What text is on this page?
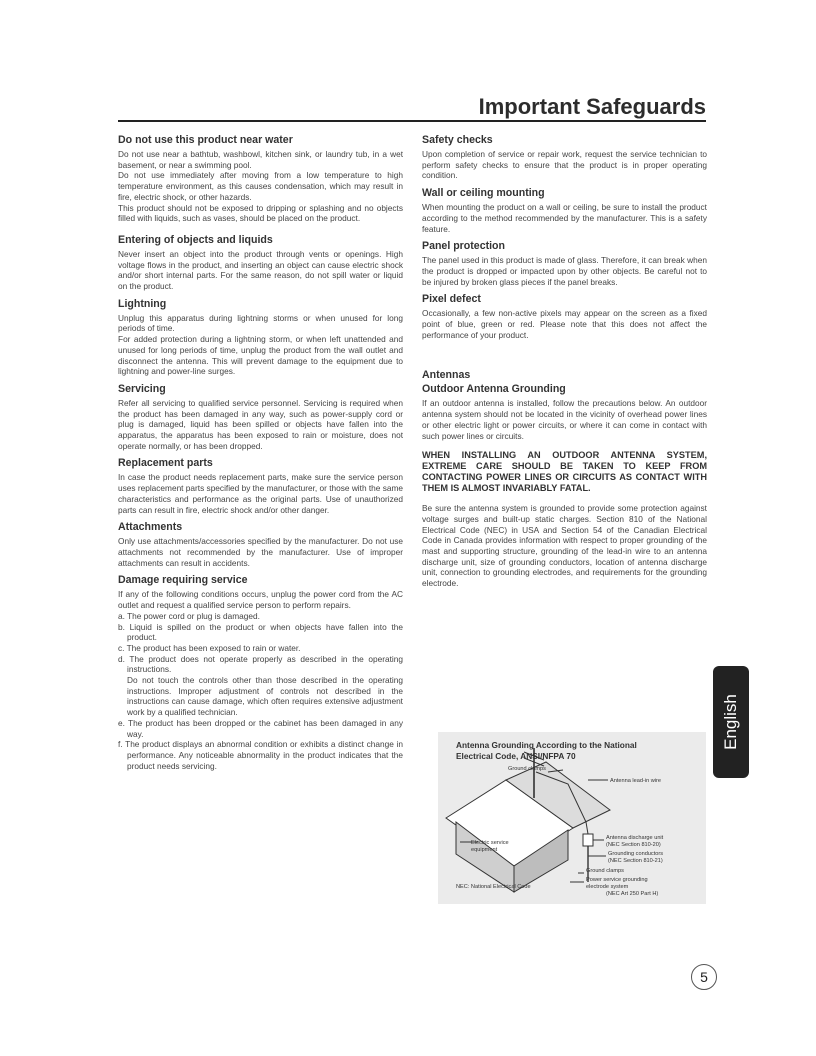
Important Safeguards
Do not use this product near water

Do not use near a bathtub, washbowl, kitchen sink, or laundry tub, in a wet basement, or near a swimming pool.

Do not use immediately after moving from a low temperature to high temperature environment, as this causes condensation, which may result in fire, electric shock, or other hazards.

This product should not be exposed to dripping or splashing and no objects filled with liquids, such as vases, should be placed on the product.

Entering of objects and liquids

Never insert an object into the product through vents or openings. High voltage flows in the product, and inserting an object can cause electric shock and/or short internal parts. For the same reason, do not spill water or liquid on the product.

Lightning

Unplug this apparatus during lightning storms or when unused for long periods of time.

For added protection during a lightning storm, or when left unattended and unused for long periods of time, unplug the product from the wall outlet and disconnect the antenna. This will prevent damage to the equipment due to lightning and power-line surges.

Servicing

Refer all servicing to qualified service personnel. Servicing is required when the product has been damaged in any way, such as power-supply cord or plug is damaged, liquid has been spilled or objects have fallen into the apparatus, the apparatus has been exposed to rain or moisture, does not operate normally, or has been dropped.

Replacement parts

In case the product needs replacement parts, make sure the service person uses replacement parts specified by the manufacturer, or those with the same characteristics and performance as the original parts. Use of unauthorized parts can result in fire, electric shock and/or other danger.

Attachments

Only use attachments/accessories specified by the manufacturer. Do not use attachments not recommended by the manufacturer. Use of improper attachments can result in accidents.

Damage requiring service

If any of the following conditions occurs, unplug the power cord from the AC outlet and request a qualified service person to perform repairs.

a. The power cord or plug is damaged.
b. Liquid is spilled on the product or when objects have fallen into the product.
c. The product has been exposed to rain or water.
d. The product does not operate properly as described in the operating instructions.
Do not touch the controls other than those described in the operating instructions. Improper adjustment of controls not described in the instructions can cause damage, which often requires extensive adjustment work by a qualified technician.
e. The product has been dropped or the cabinet has been damaged in any way.
f. The product displays an abnormal condition or exhibits a distinct change in performance. Any noticeable abnormality in the product indicates that the product needs servicing.
Safety checks

Upon completion of service or repair work, request the service technician to perform safety checks to ensure that the product is in proper operating condition.

Wall or ceiling mounting

When mounting the product on a wall or ceiling, be sure to install the product according to the method recommended by the manufacturer. This is a safety feature.

Panel protection

The panel used in this product is made of glass. Therefore, it can break when the product is dropped or impacted upon by other objects. Be careful not to be injured by broken glass pieces if the panel breaks.

Pixel defect

Occasionally, a few non-active pixels may appear on the screen as a fixed point of blue, green or red. Please note that this does not affect the performance of your product.

Antennas
Outdoor Antenna Grounding

If an outdoor antenna is installed, follow the precautions below. An outdoor antenna system should not be located in the vicinity of overhead power lines or other electric light or power circuits, or where it can come in contact with such power lines or circuits.

WHEN INSTALLING AN OUTDOOR ANTENNA SYSTEM, EXTREME CARE SHOULD BE TAKEN TO KEEP FROM CONTACTING POWER LINES OR CIRCUITS AS CONTACT WITH THEM IS ALMOST INVARIABLY FATAL.

Be sure the antenna system is grounded to provide some protection against voltage surges and built-up static charges. Section 810 of the National Electrical Code (NEC) in USA and Section 54 of the Canadian Electrical Code in Canada provides information with respect to proper grounding of the mast and supporting structure, grounding of the lead-in wire to an antenna discharge unit, size of grounding conductors, location of antenna discharge unit, connection to grounding electrodes, and requirements for the grounding electrode.

Antenna Grounding According to the National
Electrical Code, ANSI/NFPA 70
Antenna lead-in wire
Ground clamps
Electric service
equipment
Antenna discharge unit
(NEC Section 810-20)
Grounding conductors
(NEC Section 810-21)
Ground clamps
Power service grounding
electrode system
(NEC Art 250 Part H)
NEC: National Electrical Code
English
5
